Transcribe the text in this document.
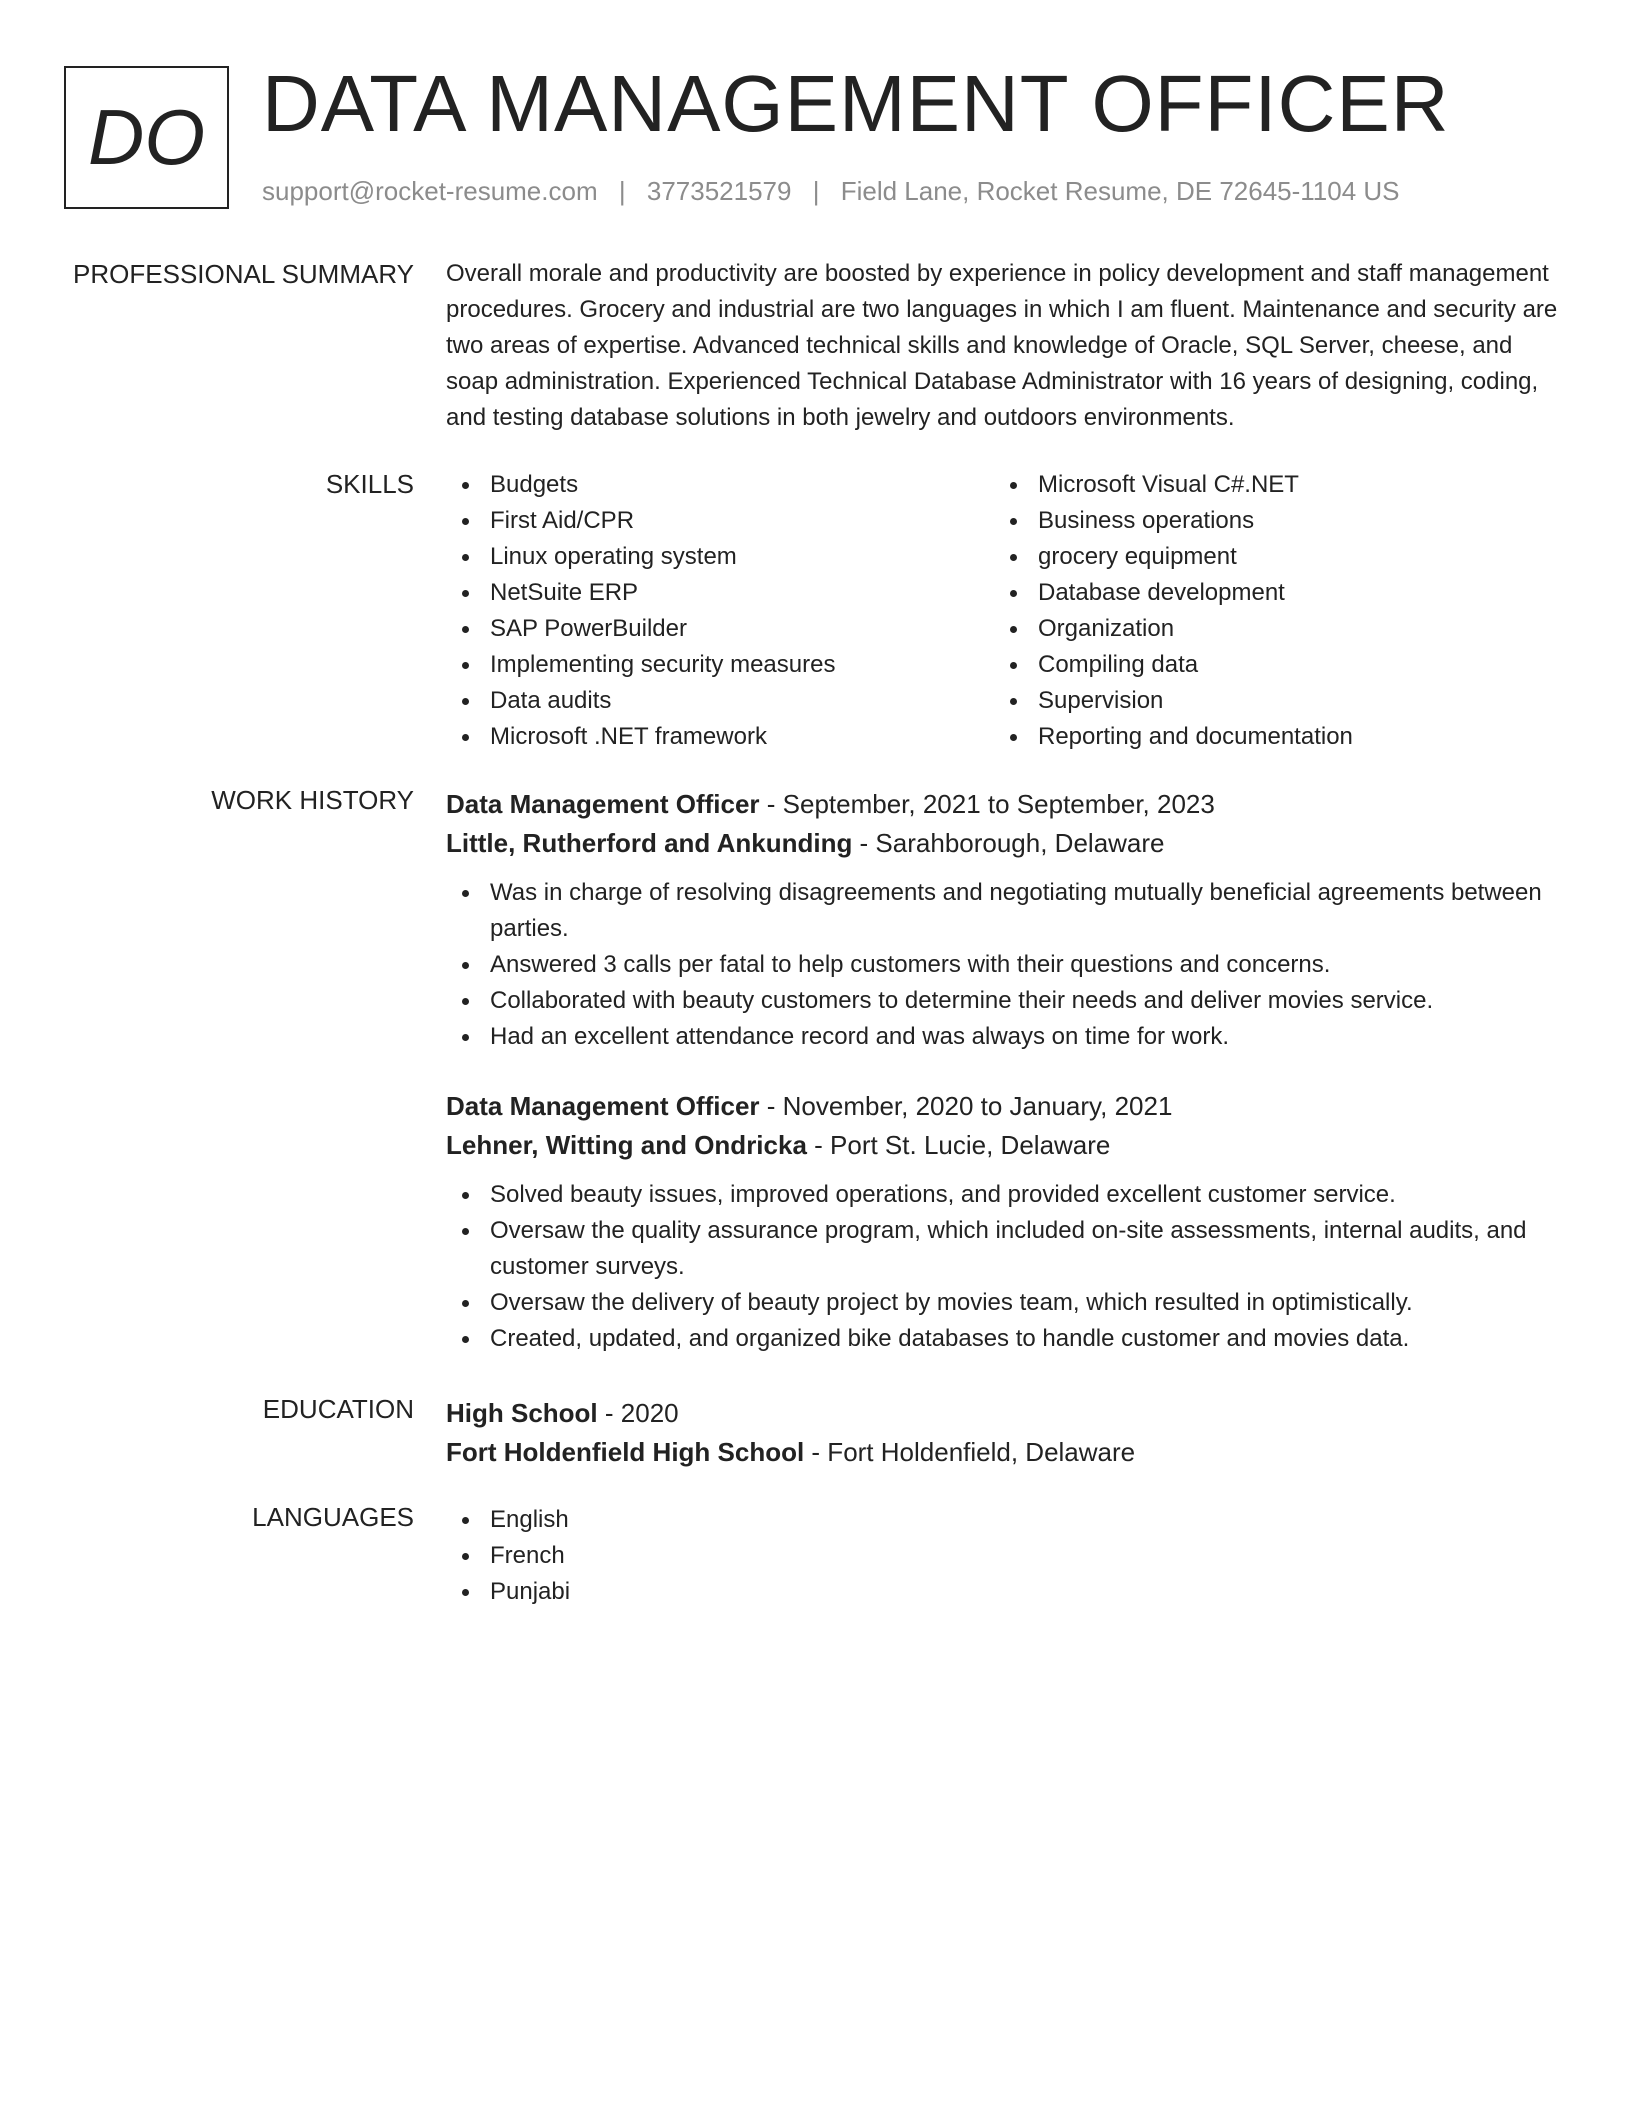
DO DATA MANAGEMENT OFFICER
support@rocket-resume.com | 3773521579 | Field Lane, Rocket Resume, DE 72645-1104 US
PROFESSIONAL SUMMARY Overall morale and productivity are boosted by experience in policy development and staff management procedures. Grocery and industrial are two languages in which I am fluent. Maintenance and security are two areas of expertise. Advanced technical skills and knowledge of Oracle, SQL Server, cheese, and soap administration. Experienced Technical Database Administrator with 16 years of designing, coding, and testing database solutions in both jewelry and outdoors environments.
SKILLS	Budgets
First Aid/CPR
Linux operating system
NetSuite ERP
SAP PowerBuilder
Implementing security measures
Data audits
Microsoft .NET framework
Microsoft Visual C#.NET
Business operations
grocery equipment
Database development
Organization
Compiling data
Supervision
Reporting and documentation
WORK HISTORY Data Management Officer - September, 2021 to September, 2023
Little, Rutherford and Ankunding - Sarahborough, Delaware
Was in charge of resolving disagreements and negotiating mutually beneficial agreements between parties.
Answered 3 calls per fatal to help customers with their questions and concerns.
Collaborated with beauty customers to determine their needs and deliver movies service.
Had an excellent attendance record and was always on time for work.
Data Management Officer - November, 2020 to January, 2021
Lehner, Witting and Ondricka - Port St. Lucie, Delaware
Solved beauty issues, improved operations, and provided excellent customer service.
Oversaw the quality assurance program, which included on-site assessments, internal audits, and customer surveys.
Oversaw the delivery of beauty project by movies team, which resulted in optimistically.
Created, updated, and organized bike databases to handle customer and movies data.
EDUCATION High School - 2020
Fort Holdenfield High School - Fort Holdenfield, Delaware
LANGUAGES	English
French
Punjabi
